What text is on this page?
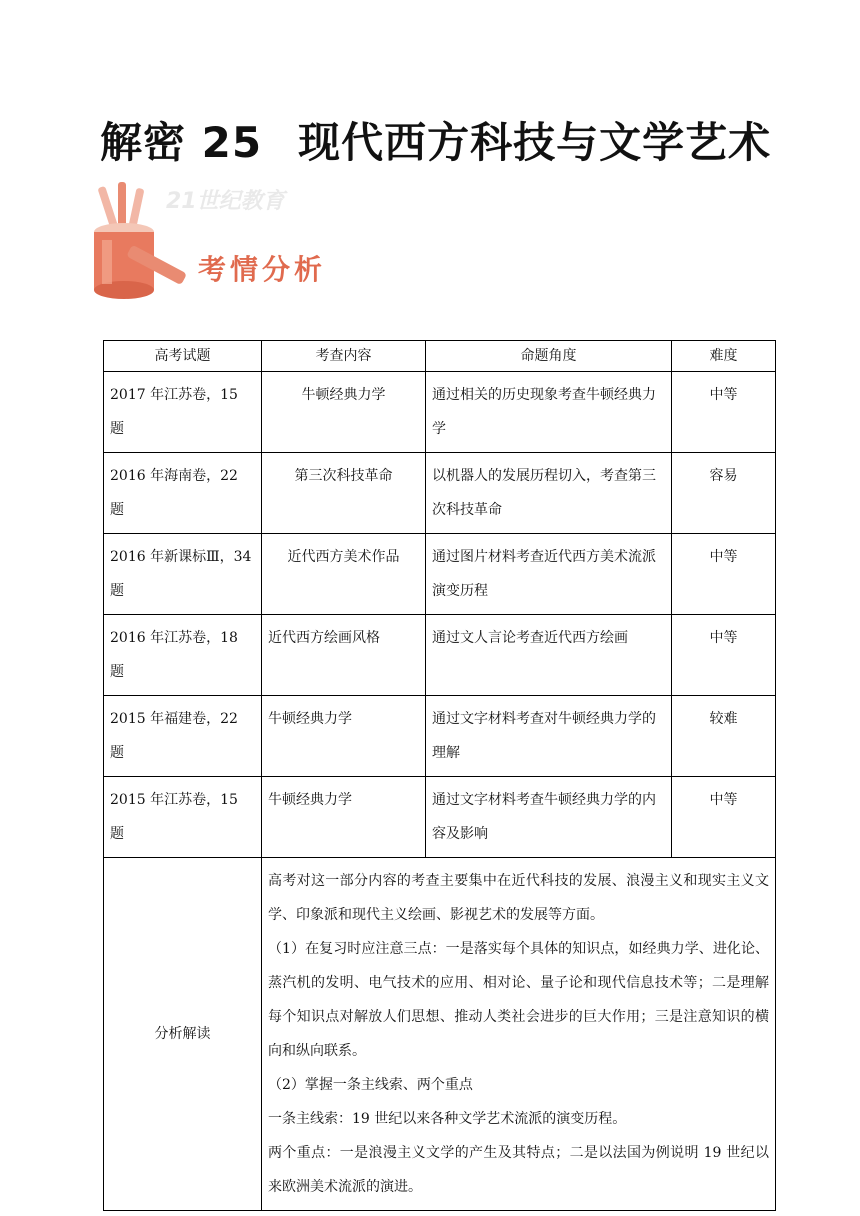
解密 25 现代西方科技与文学艺术
21世纪教育
考情分析
高考试题	考查内容	命题角度	难度
2017 年江苏卷，15 题	牛顿经典力学	通过相关的历史现象考查牛顿经典力学	中等
2016 年海南卷，22 题	第三次科技革命	以机器人的发展历程切入，考查第三次科技革命	容易
2016 年新课标Ⅲ，34 题	近代西方美术作品	通过图片材料考查近代西方美术流派演变历程	中等
2016 年江苏卷，18 题	近代西方绘画风格	通过文人言论考查近代西方绘画	中等
2015 年福建卷，22 题	牛顿经典力学	通过文字材料考查对牛顿经典力学的理解	较难
2015 年江苏卷，15 题	牛顿经典力学	通过文字材料考查牛顿经典力学的内容及影响	中等
分析解读	高考对这一部分内容的考查主要集中在近代科技的发展、浪漫主义和现实主义文学、印象派和现代主义绘画、影视艺术的发展等方面。

（1）在复习时应注意三点：一是落实每个具体的知识点，如经典力学、进化论、蒸汽机的发明、电气技术的应用、相对论、量子论和现代信息技术等；二是理解每个知识点对解放人们思想、推动人类社会进步的巨大作用；三是注意知识的横向和纵向联系。

（2）掌握一条主线索、两个重点

一条主线索：19 世纪以来各种文学艺术流派的演变历程。

两个重点：一是浪漫主义文学的产生及其特点；二是以法国为例说明 19 世纪以来欧洲美术流派的演进。		
